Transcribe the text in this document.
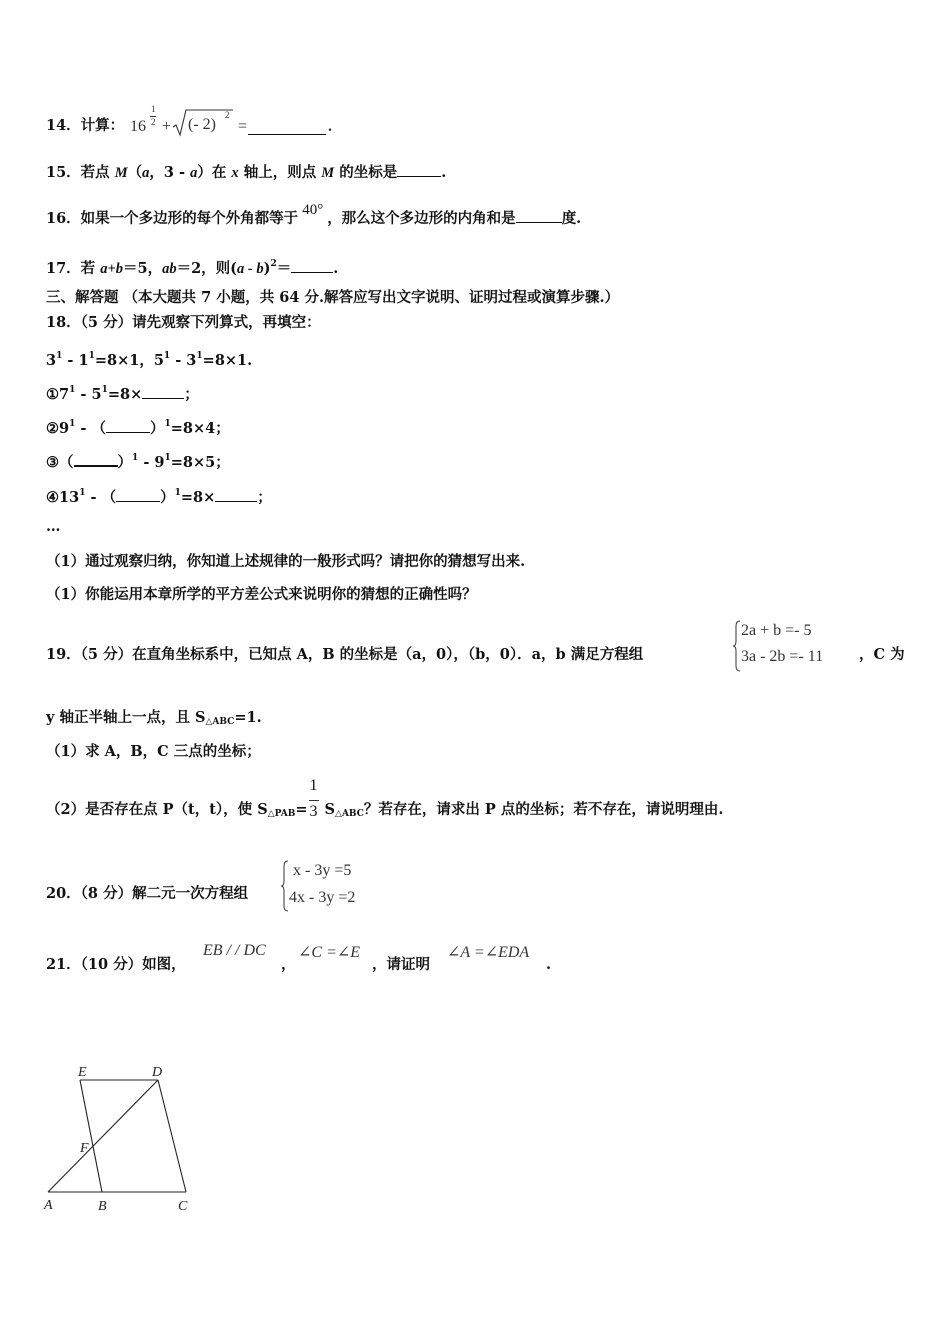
14．计算： 16
1
2 + (- 2)
2
=	.
15．若点 M（a，3 - a）在 x 轴上，则点 M 的坐标是	.
16．如果一个多边形的每个外角都等于 40° ，那么这个多边形的内角和是	度.
17．若 a+b＝5，ab＝2，则(a - b)$^2$＝	.
三、解答题 （本大题共 7 小题，共 64 分.解答应写出文字说明、证明过程或演算步骤.）
18．（5 分）请先观察下列算式，再填空：
$3^1 - 1^1=8\times 1$，$5^1 - 3^1=8\times 1$.
$①7^1 - 5^1=8\times$	；
$②9^1$ - （	）$^1$=8×4；
③（	）$^1 - 9^1=8\times 5$；
$④13^1$ - （	）$^1$=8×	；
…
（1）通过观察归纳，你知道上述规律的一般形式吗？请把你的猜想写出来.
（1）你能运用本章所学的平方差公式来说明你的猜想的正确性吗？
19．（5 分）在直角坐标系中，已知点 A，B 的坐标是（a，0），（b，0）．a，b 满足方程组
2a + b =- 5
3a - 2b =- 11 ，C 为
y 轴正半轴上一点，且 $S_{\triangle ABC}=1$.
（1）求 A，B，C 三点的坐标；
（2）是否存在点 P（t，t），使 $S_{\triangle PAB}= \frac{1}{3} S_{\triangle ABC}$？若存在，请求出 P 点的坐标；若不存在，请说明理由.
20．（8 分）解二元一次方程组
x - 3y =5
4x - 3y =2
21．（10 分）如图，
EB / / DC
，
∠C =∠E
，请证明
∠A =∠EDA
.
E	D
F
A	B	C
